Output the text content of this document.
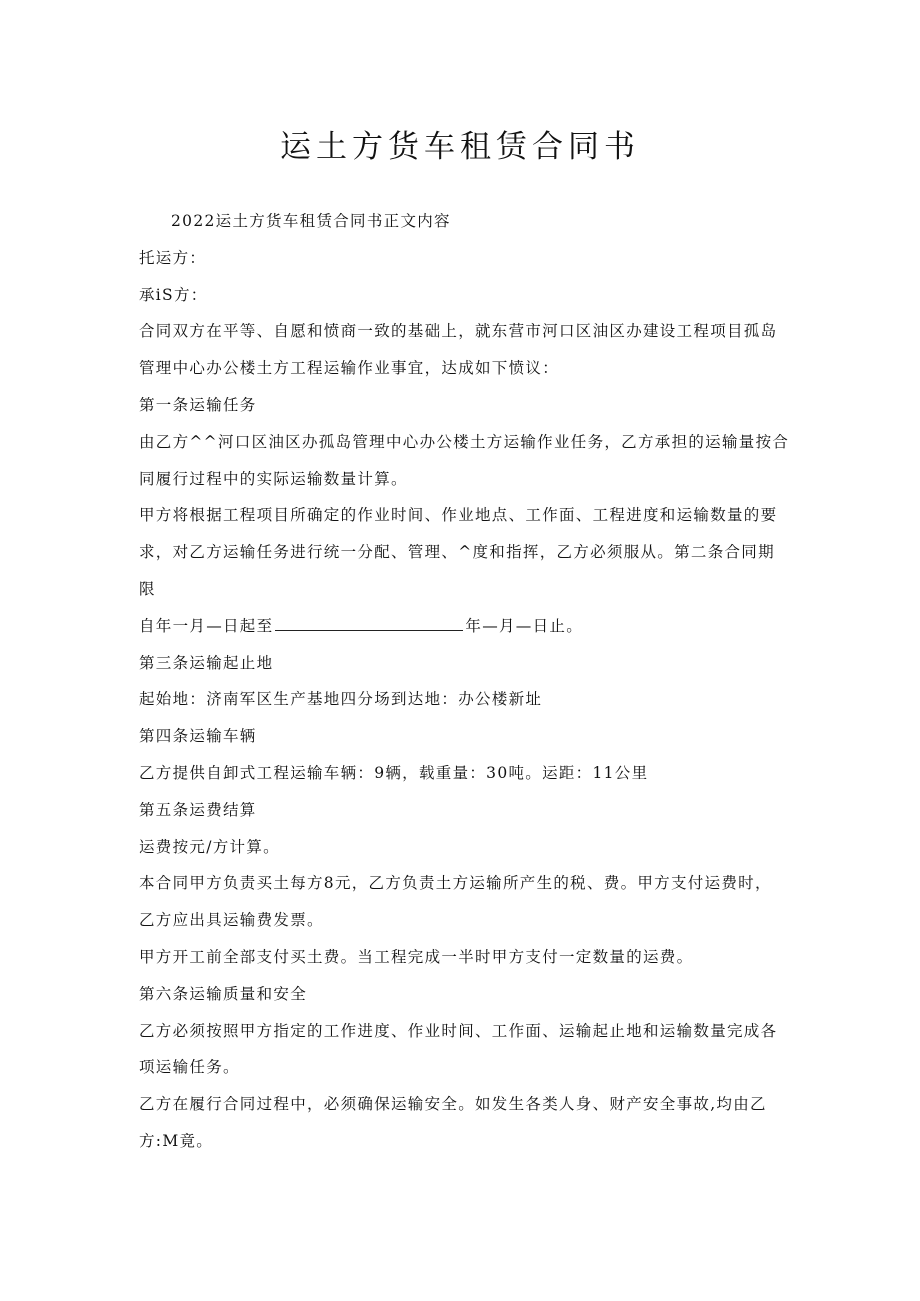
运土方货车租赁合同书
2022运土方货车租赁合同书正文内容
托运方：
承iS方：
合同双方在平等、自愿和愤商一致的基础上，就东营市河口区油区办建设工程项目孤岛
管理中心办公楼土方工程运输作业事宜，达成如下愤议：
第一条运输任务
由乙方^^河口区油区办孤岛管理中心办公楼土方运输作业任务，乙方承担的运输量按合
同履行过程中的实际运输数量计算。
甲方将根据工程项目所确定的作业时间、作业地点、工作面、工程进度和运输数量的要
求，对乙方运输任务进行统一分配、管理、^度和指挥，乙方必须服从。第二条合同期
限
自年一月—日起至	年—月—日止。
第三条运输起止地
起始地：济南军区生产基地四分场到达地：办公楼新址
第四条运输车辆
乙方提供自卸式工程运输车辆：9辆，载重量：30吨。运距：11公里
第五条运费结算
运费按元/方计算。
本合同甲方负责买土每方8元，乙方负责土方运输所产生的税、费。甲方支付运费时，
乙方应出具运输费发票。
甲方开工前全部支付买土费。当工程完成一半时甲方支付一定数量的运费。
第六条运输质量和安全
乙方必须按照甲方指定的工作进度、作业时间、工作面、运输起止地和运输数量完成各
项运输任务。
乙方在履行合同过程中，必须确保运输安全。如发生各类人身、财产安全事故,均由乙
方:M竟。
